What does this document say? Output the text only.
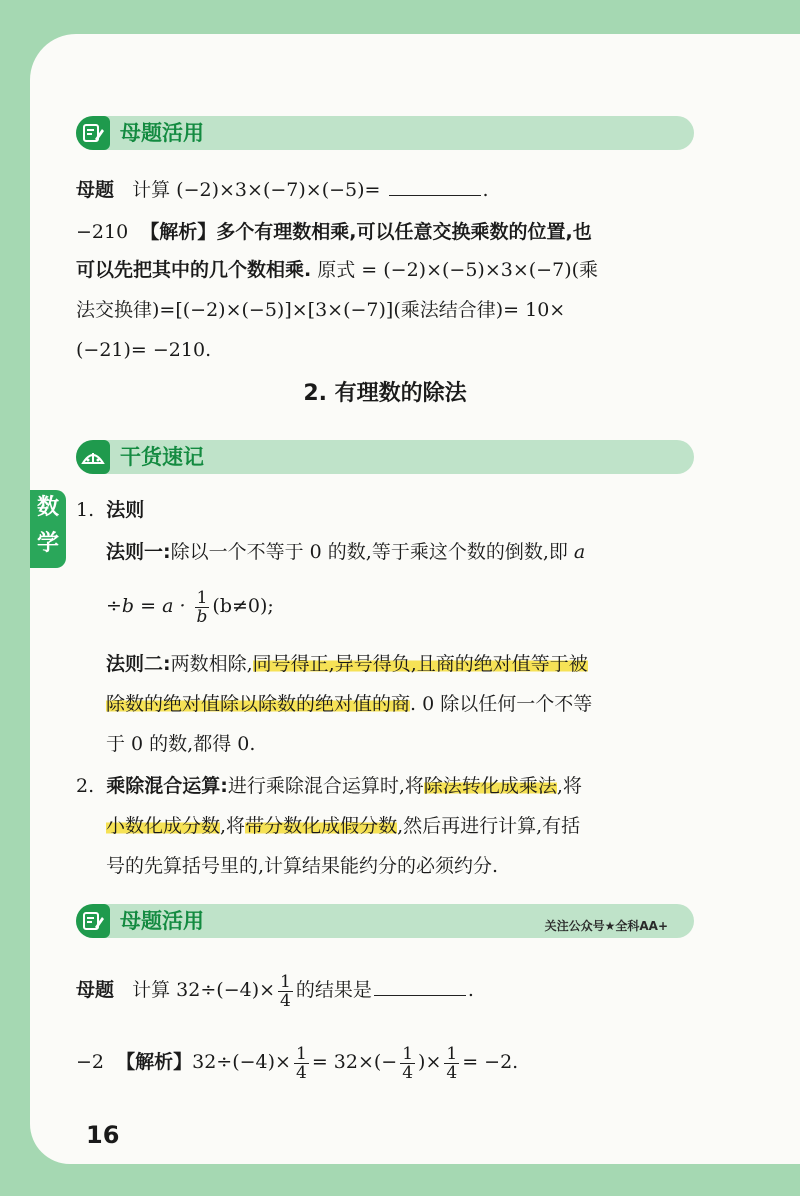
数
学
母题活用
母题 计算 (−2)×3×(−7)×(−5)=	.
−210 【解析】多个有理数相乘,可以任意交换乘数的位置,也
可以先把其中的几个数相乘. 原式 = (−2)×(−5)×3×(−7)(乘
法交换律)=[(−2)×(−5)]×[3×(−7)](乘法结合律)= 10×
(−21)= −210.
2. 有理数的除法
干货速记
1. 法则
法则一:除以一个不等于 0 的数,等于乘这个数的倒数,即 a
$\div b = a \cdot \frac{1}{b} (b\ne 0)$;
法则二:两数相除,同号得正,异号得负,且商的绝对值等于被
除数的绝对值除以除数的绝对值的商. 0 除以任何一个不等
于 0 的数,都得 0.
2. 乘除混合运算:进行乘除混合运算时,将除法转化成乘法,将
小数化成分数,将带分数化成假分数,然后再进行计算,有括
号的先算括号里的,计算结果能约分的必须约分.
母题活用	关注公众号★全科AA+
母题 计算 $32\div(-4)\times \frac{1}{4}$ 的结果是	.
−2 【解析】$32\div(-4)\times \frac{1}{4} = 32\times(- \frac{1}{4}$ )× $\frac{1}{4} = -2$.
16
